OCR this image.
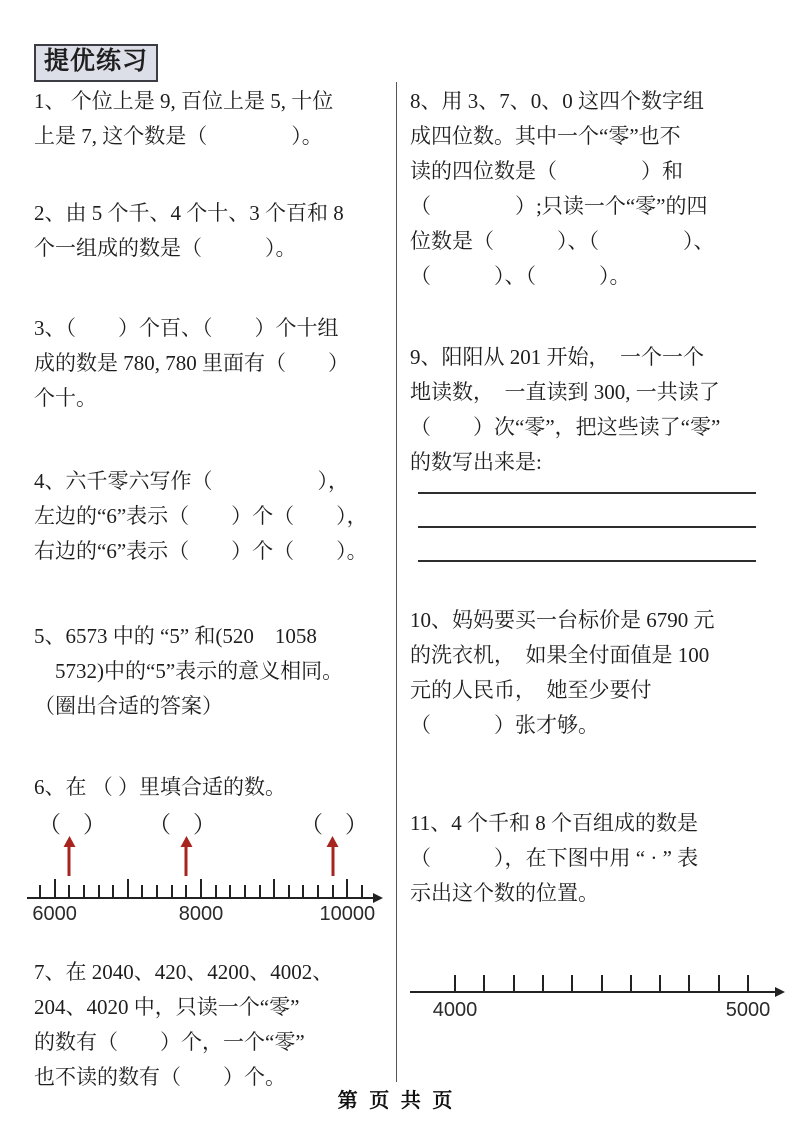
提优练习
1、 个位上是 9, 百位上是 5, 十位
上是 7, 这个数是（　　　　）。
2、由 5 个千、4 个十、3 个百和 8
个一组成的数是（　　　）。
3、（　　）个百、（　　）个十组
成的数是 780, 780 里面有（　　）
个十。
4、六千零六写作（　　　　　），
左边的“6”表示（　　）个（　　），
右边的“6”表示（　　）个（　　）。
5、6573 中的 “5” 和(520　1058
　5732)中的“5”表示的意义相同。
（圈出合适的答案）
6、在 （ ）里填合适的数。
（ ） （ ）	（ ）
6000	8000	10000
7、在 2040、420、4200、4002、
204、4020 中，只读一个“零”
的数有（　　）个，一个“零”
也不读的数有（　　）个。
8、用 3、7、0、0 这四个数字组
成四位数。其中一个“零”也不
读的四位数是（　　　　）和
（　　　　）;只读一个“零”的四
位数是（　　　）、（　　　　）、
（　　　）、（　　　）。
9、阳阳从 201 开始，　一个一个
地读数，　一直读到 300, 一共读了
（　　）次“零”，把这些读了“零”
的数写出来是:
10、妈妈要买一台标价是 6790 元
的洗衣机，　如果全付面值是 100
元的人民币，　她至少要付
（　　　）张才够。
11、4 个千和 8 个百组成的数是
（　　　），在下图中用 “ · ” 表
示出这个数的位置。
4000	5000
第 页 共 页
